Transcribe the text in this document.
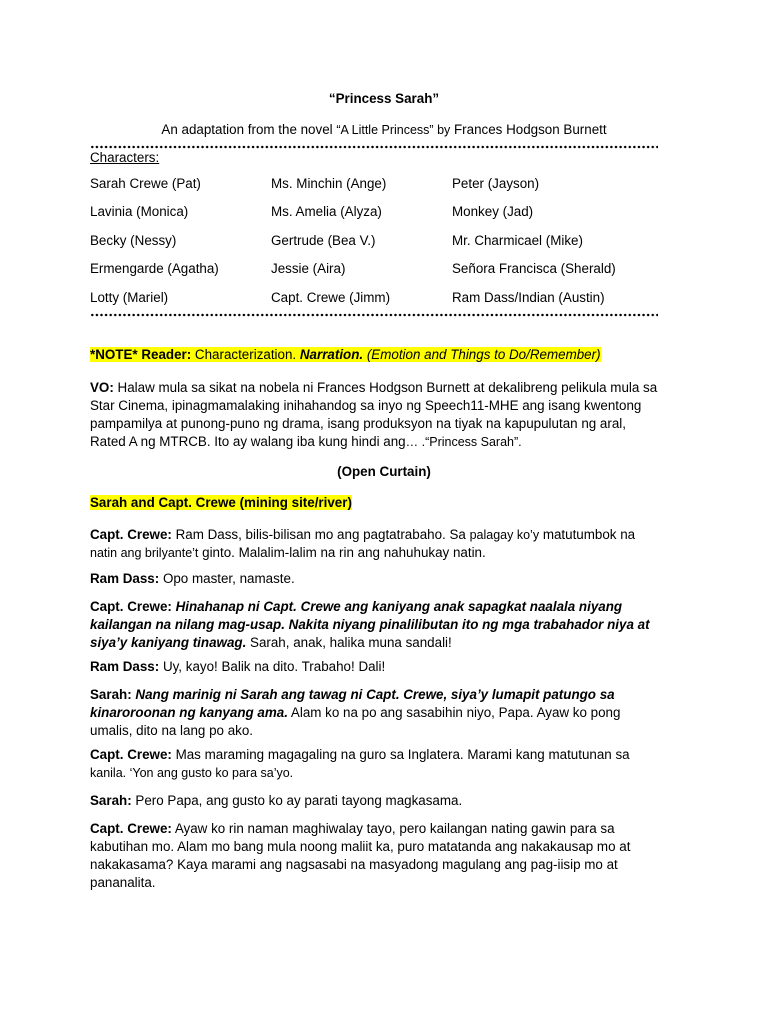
“Princess Sarah”
An adaptation from the novel “A Little Princess” by Frances Hodgson Burnett
Characters:
Sarah Crewe (Pat)	Ms. Minchin (Ange)	Peter (Jayson)
Lavinia (Monica)	Ms. Amelia (Alyza)	Monkey (Jad)
Becky (Nessy)	Gertrude (Bea V.)	Mr. Charmicael (Mike)
Ermengarde (Agatha)	Jessie (Aira)	Señora Francisca (Sherald)
Lotty (Mariel)	Capt. Crewe (Jimm)	Ram Dass/Indian (Austin)
*NOTE* Reader: Characterization. Narration. (Emotion and Things to Do/Remember)
VO: Halaw mula sa sikat na nobela ni Frances Hodgson Burnett at dekalibreng pelikula mula sa
Star Cinema, ipinagmamalaking inihahandog sa inyo ng Speech11-MHE ang isang kwentong
pampamilya at punong-puno ng drama, isang produksyon na tiyak na kapupulutan ng aral,
Rated A ng MTRCB. Ito ay walang iba kung hindi ang… .“Princess Sarah”.
(Open Curtain)
Sarah and Capt. Crewe (mining site/river)
Capt. Crewe: Ram Dass, bilis-bilisan mo ang pagtatrabaho. Sa palagay ko’y matutumbok na
natin ang brilyante’t ginto. Malalim-lalim na rin ang nahuhukay natin.
Ram Dass: Opo master, namaste.
Capt. Crewe: Hinahanap ni Capt. Crewe ang kaniyang anak sapagkat naalala niyang
kailangan na nilang mag-usap. Nakita niyang pinalilibutan ito ng mga trabahador niya at
siya’y kaniyang tinawag. Sarah, anak, halika muna sandali!
Ram Dass: Uy, kayo! Balik na dito. Trabaho! Dali!
Sarah: Nang marinig ni Sarah ang tawag ni Capt. Crewe, siya’y lumapit patungo sa
kinaroroonan ng kanyang ama. Alam ko na po ang sasabihin niyo, Papa. Ayaw ko pong
umalis, dito na lang po ako.
Capt. Crewe: Mas maraming magagaling na guro sa Inglatera. Marami kang matutunan sa
kanila. ‘Yon ang gusto ko para sa’yo.
Sarah: Pero Papa, ang gusto ko ay parati tayong magkasama.
Capt. Crewe: Ayaw ko rin naman maghiwalay tayo, pero kailangan nating gawin para sa
kabutihan mo. Alam mo bang mula noong maliit ka, puro matatanda ang nakakausap mo at
nakakasama? Kaya marami ang nagsasabi na masyadong magulang ang pag-iisip mo at
pananalita.
